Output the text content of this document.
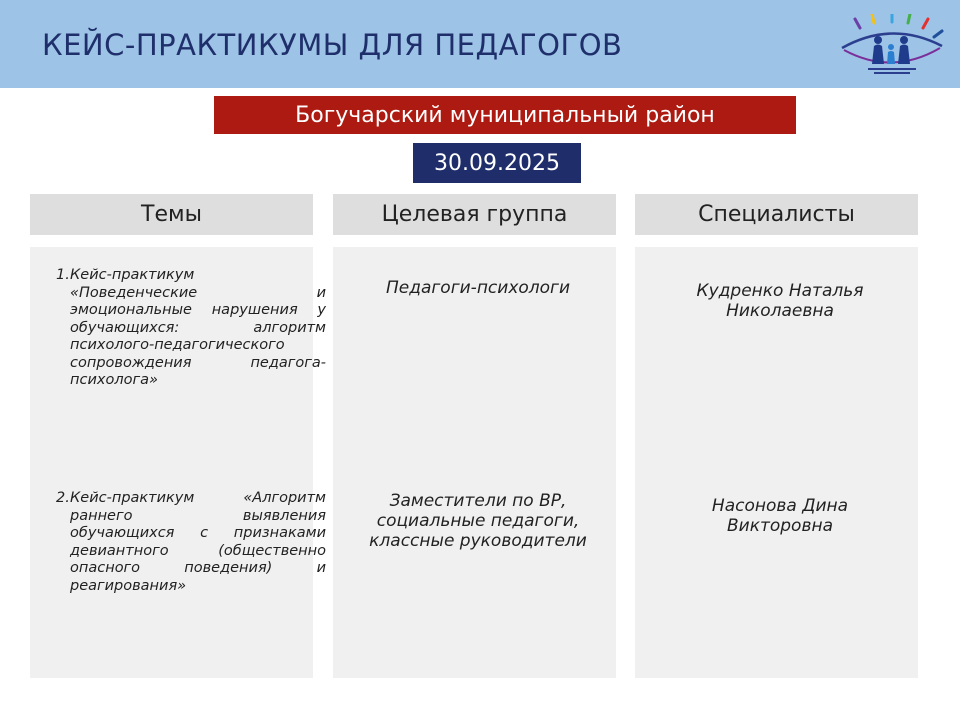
КЕЙС-ПРАКТИКУМЫ ДЛЯ ПЕДАГОГОВ
Богучарский муниципальный район
30.09.2025
Темы	Целевая группа	Специалисты
1. Кейс-практикум «Поведенческие и эмоциональные нарушения у обучающихся: алгоритм психолого-педагогического сопровождения педагога-психолога»
2. Кейс-практикум «Алгоритм раннего выявления обучающихся с признаками девиантного (общественно опасного поведения) и реагирования»
Педагоги-психологи
Заместители по ВР, социальные педагоги, классные руководители
Кудренко Наталья Николаевна
Насонова Дина Викторовна
